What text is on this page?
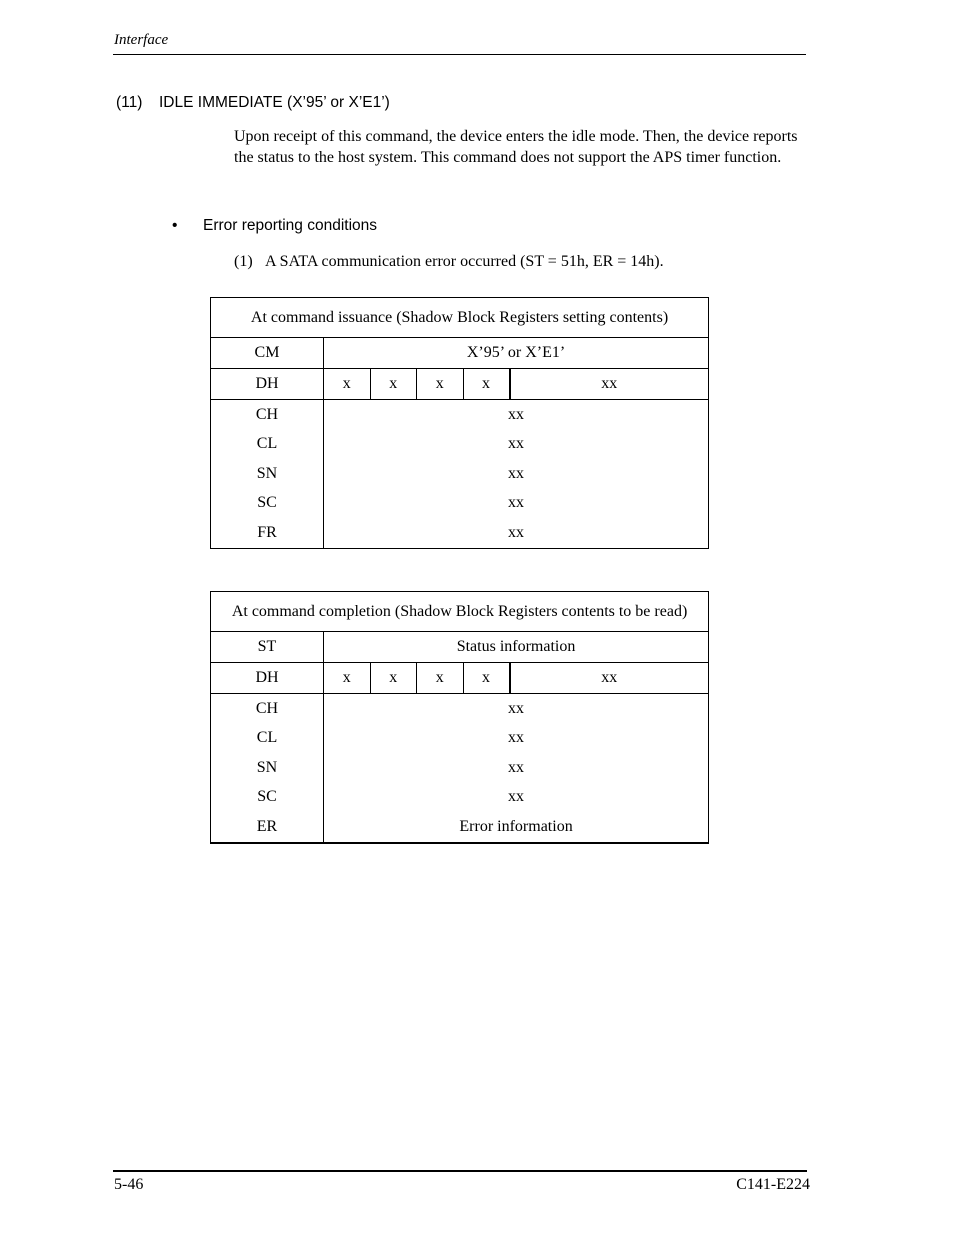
Interface
(11) IDLE IMMEDIATE (X’95’ or X’E1’)
Upon receipt of this command, the device enters the idle mode. Then, the device reports the status to the host system. This command does not support the APS timer function.
• Error reporting conditions
(1) A SATA communication error occurred (ST = 51h, ER = 14h).
At command issuance (Shadow Block Registers setting contents)					
CM	X’95’ or X’E1’				
DH	x	x	x	x	xx
CH	xx				
CL	xx				
SN	xx				
SC	xx				
FR	xx				
At command completion (Shadow Block Registers contents to be read)					
ST	Status information				
DH	x	x	x	x	xx
CH	xx				
CL	xx				
SN	xx				
SC	xx				
ER	Error information				
5-46	C141-E224
